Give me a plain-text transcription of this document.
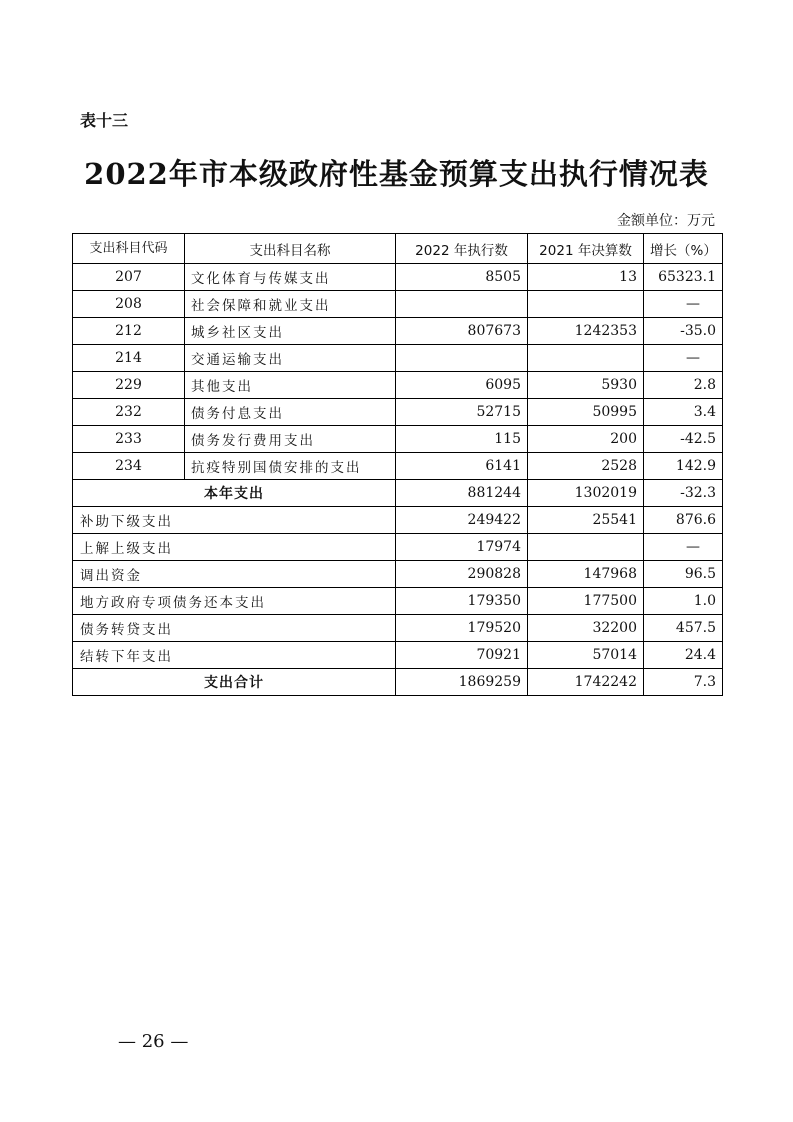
表十三
2022年市本级政府性基金预算支出执行情况表
金额单位：万元
支出科目代码	支出科目名称	2022 年执行数	2021 年决算数	增长（%）
207	文化体育与传媒支出	8505	13	65323.1
208	社会保障和就业支出			—
212	城乡社区支出	807673	1242353	-35.0
214	交通运输支出			—
229	其他支出	6095	5930	2.8
232	债务付息支出	52715	50995	3.4
233	债务发行费用支出	115	200	-42.5
234	抗疫特别国债安排的支出	6141	2528	142.9
本年支出		881244	1302019	-32.3
补助下级支出		249422	25541	876.6
上解上级支出		17974		—
调出资金		290828	147968	96.5
地方政府专项债务还本支出		179350	177500	1.0
债务转贷支出		179520	32200	457.5
结转下年支出		70921	57014	24.4
支出合计		1869259	1742242	7.3
— 26 —
